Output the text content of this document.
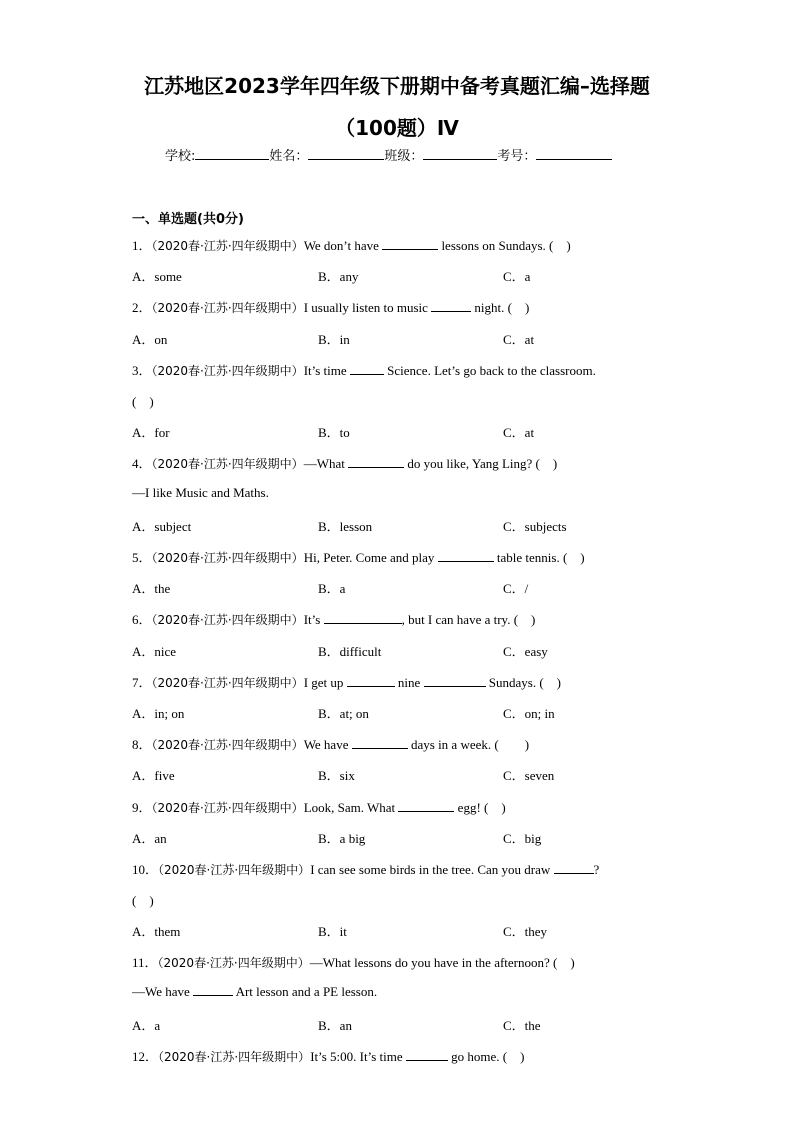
江苏地区2023学年四年级下册期中备考真题汇编–选择题
（100题）Ⅳ
学校:	姓名：	班级：	考号：
一、单选题(共0分)
1．（2020春·江苏·四年级期中）We don’t have	lessons on Sundays. (　)
A．some	B．any	C．a
2．（2020春·江苏·四年级期中）I usually listen to music	night. (　)
A．on	B．in	C．at
3．（2020春·江苏·四年级期中）It’s time	Science. Let’s go back to the classroom.
(　)
A．for	B．to	C．at
4．（2020春·江苏·四年级期中）—What	do you like, Yang Ling? (　)
—I like Music and Maths.
A．subject	B．lesson	C．subjects
5．（2020春·江苏·四年级期中）Hi, Peter. Come and play	table tennis. (　)
A．the	B．a	C．/
6．（2020春·江苏·四年级期中）It’s	, but I can have a try. (　)
A．nice	B．difficult	C．easy
7．（2020春·江苏·四年级期中）I get up	nine	Sundays. (　)
A．in; on	B．at; on	C．on; in
8．（2020春·江苏·四年级期中）We have	days in a week. (　　)
A．five	B．six	C．seven
9．（2020春·江苏·四年级期中）Look, Sam. What	egg! (　)
A．an	B．a big	C．big
10．（2020春·江苏·四年级期中）I can see some birds in the tree. Can you draw	?
(　)
A．them	B．it	C．they
11．（2020春·江苏·四年级期中）—What lessons do you have in the afternoon? (　)
—We have	Art lesson and a PE lesson.
A．a	B．an	C．the
12．（2020春·江苏·四年级期中）It’s 5:00. It’s time	go home. (　)
